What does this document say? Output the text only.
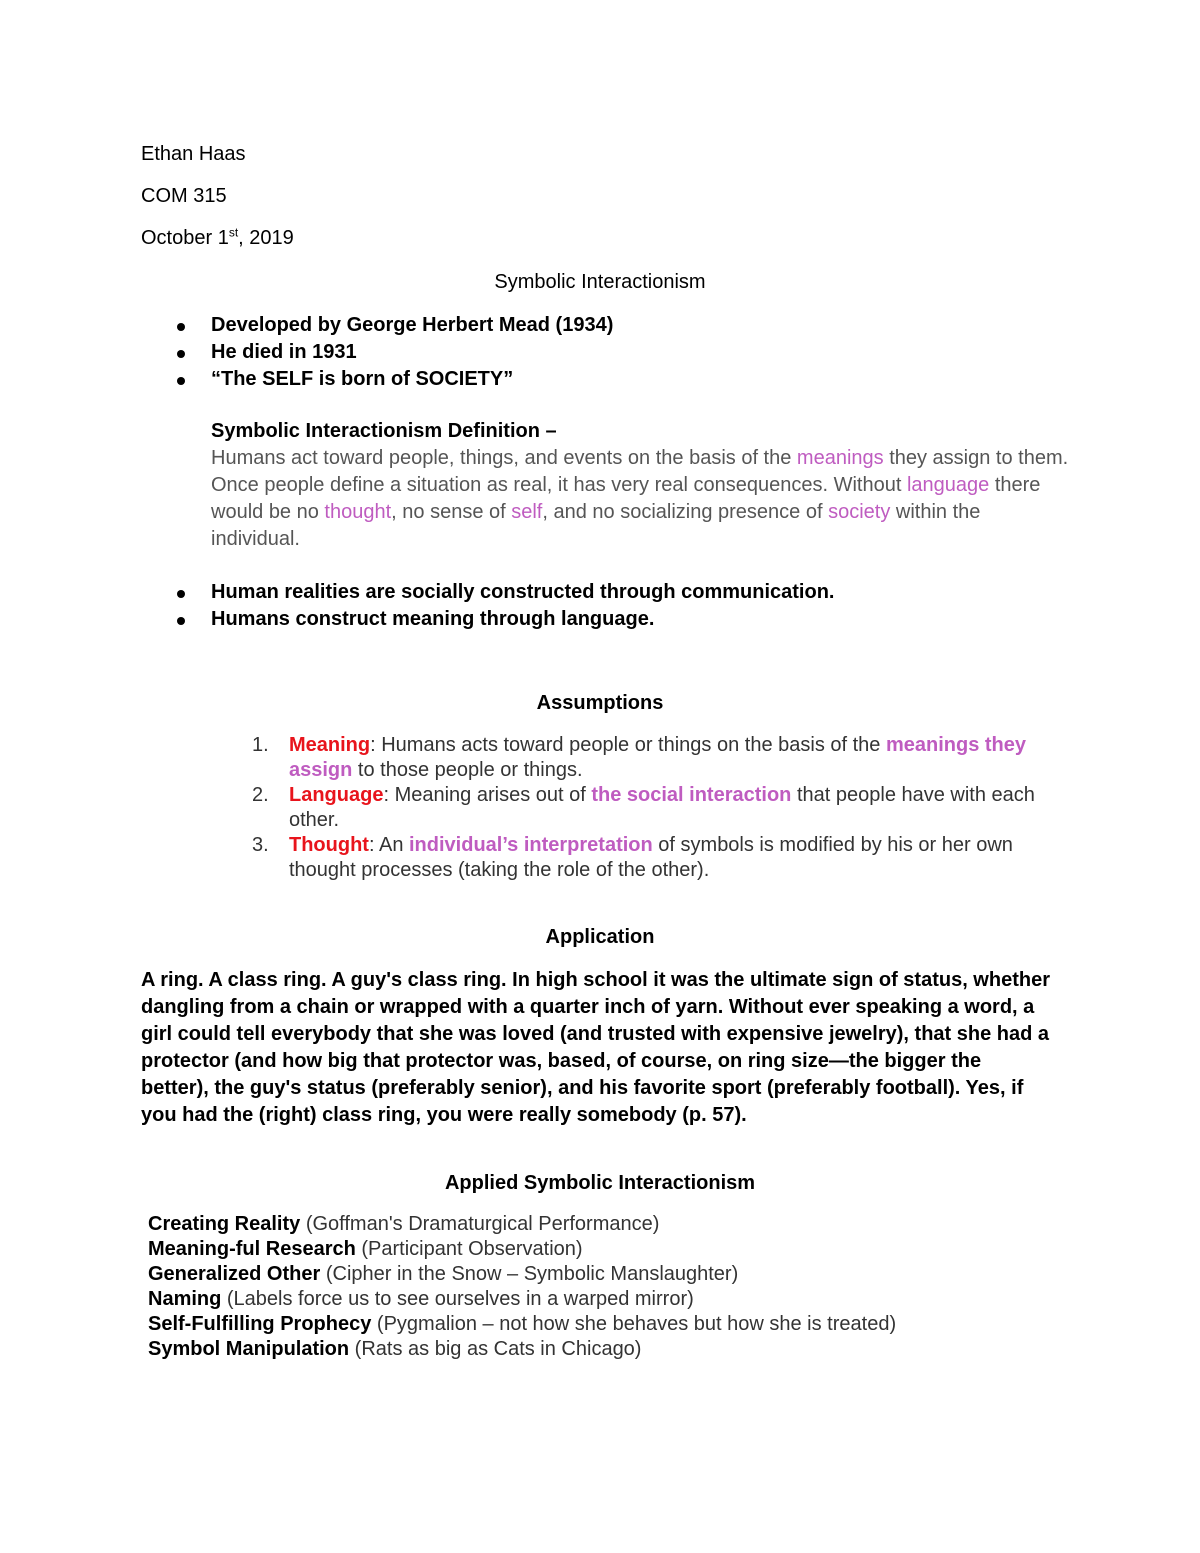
Ethan Haas
COM 315
October 1st, 2019
Symbolic Interactionism
Developed by George Herbert Mead (1934)
He died in 1931
“The SELF is born of SOCIETY”
Symbolic Interactionism Definition –
Humans act toward people, things, and events on the basis of the meanings they assign to them. Once people define a situation as real, it has very real consequences. Without language there would be no thought, no sense of self, and no socializing presence of society within the individual.
Human realities are socially constructed through communication.
Humans construct meaning through language.
Assumptions
1. Meaning: Humans acts toward people or things on the basis of the meanings they assign to those people or things.
2. Language: Meaning arises out of the social interaction that people have with each other.
3. Thought: An individual’s interpretation of symbols is modified by his or her own thought processes (taking the role of the other).
Application
A ring. A class ring. A guy's class ring. In high school it was the ultimate sign of status, whether dangling from a chain or wrapped with a quarter inch of yarn. Without ever speaking a word, a girl could tell everybody that she was loved (and trusted with expensive jewelry), that she had a protector (and how big that protector was, based, of course, on ring size—the bigger the better), the guy's status (preferably senior), and his favorite sport (preferably football). Yes, if you had the (right) class ring, you were really somebody (p. 57).
Applied Symbolic Interactionism
Creating Reality (Goffman's Dramaturgical Performance)
Meaning-ful Research (Participant Observation)
Generalized Other (Cipher in the Snow – Symbolic Manslaughter)
Naming (Labels force us to see ourselves in a warped mirror)
Self-Fulfilling Prophecy (Pygmalion – not how she behaves but how she is treated)
Symbol Manipulation (Rats as big as Cats in Chicago)
